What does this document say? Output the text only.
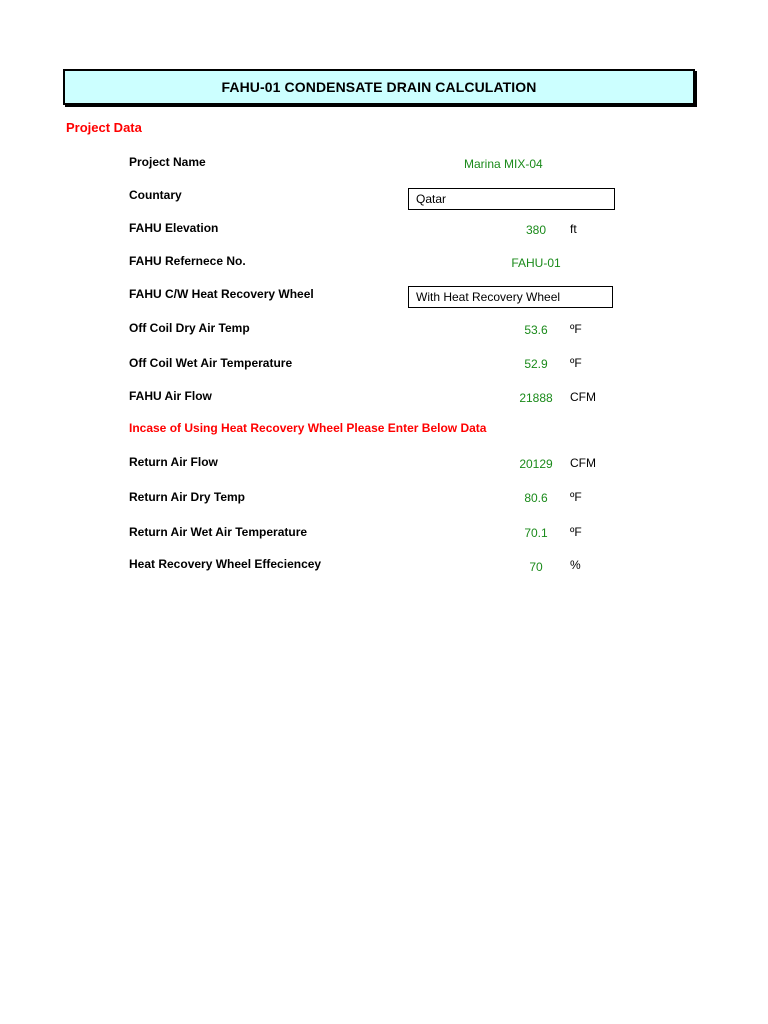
FAHU-01 CONDENSATE DRAIN CALCULATION
Project Data
Project Name	Marina MIX-04
Countary	Qatar
FAHU Elevation	380	ft
FAHU Refernece No.	FAHU-01
FAHU C/W Heat Recovery Wheel	With Heat Recovery Wheel
Off Coil Dry Air Temp	53.6	ºF
Off Coil Wet Air Temperature	52.9	ºF
FAHU Air Flow	21888	CFM
Incase of Using Heat Recovery Wheel Please Enter Below Data
Return Air Flow	20129	CFM
Return Air Dry Temp	80.6	ºF
Return Air Wet Air Temperature	70.1	ºF
Heat Recovery Wheel Effeciencey	70	%
